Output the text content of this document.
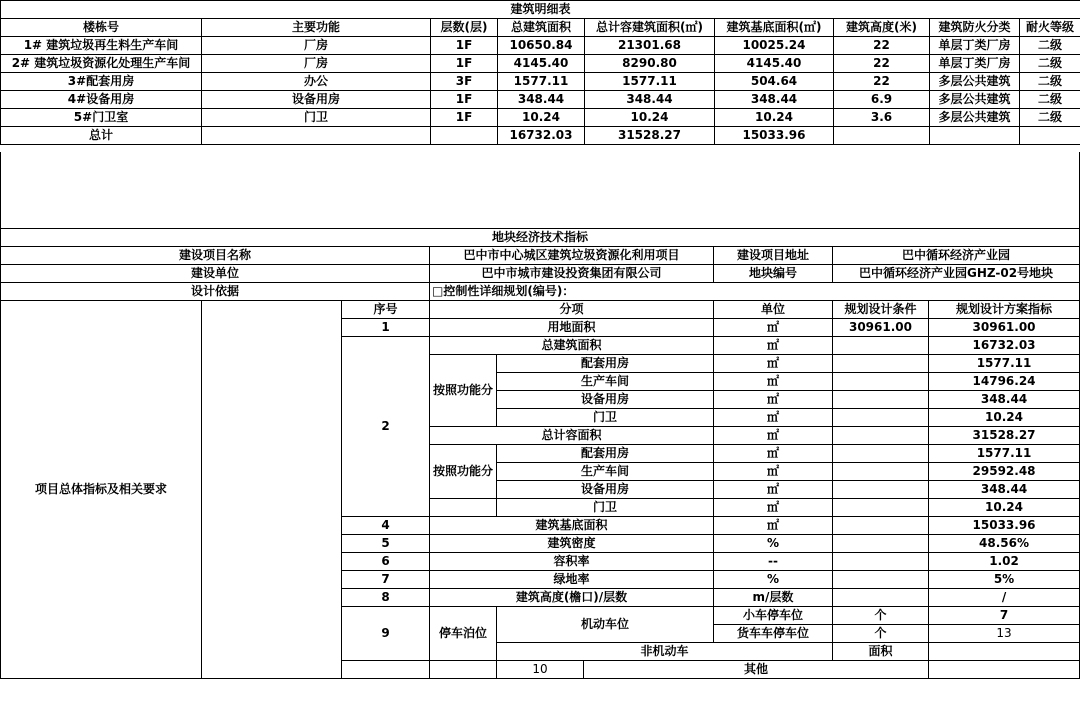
建筑明细表								
楼栋号	主要功能	层数(层)	总建筑面积	总计容建筑面积(㎡)	建筑基底面积(㎡)	建筑高度(米)	建筑防火分类	耐火等级
1# 建筑垃圾再生料生产车间	厂房	1F	10650.84	21301.68	10025.24	22	单层丁类厂房	二级
2# 建筑垃圾资源化处理生产车间	厂房	1F	4145.40	8290.80	4145.40	22	单层丁类厂房	二级
3#配套用房	办公	3F	1577.11	1577.11	504.64	22	多层公共建筑	二级
4#设备用房	设备用房	1F	348.44	348.44	348.44	6.9	多层公共建筑	二级
5#门卫室	门卫	1F	10.24	10.24	10.24	3.6	多层公共建筑	二级
总计			16732.03	31528.27	15033.96			
地块经济技术指标									
建设项目名称			巴中市中心城区建筑垃圾资源化利用项目			建设项目地址	巴中循环经济产业园		
建设单位			巴中市城市建设投资集团有限公司			地块编号	巴中循环经济产业园GHZ-02号地块		
设计依据			□控制性详细规划(编号)：						
项目总体指标及相关要求		序号	分项			单位	规划设计条件	规划设计方案指标	
		1	用地面积			㎡	30961.00	30961.00	
		2	总建筑面积			㎡		16732.03	
			按照功能分	配套用房		㎡		1577.11	
				生产车间		㎡		14796.24	
				设备用房		㎡		348.44	
				门卫		㎡		10.24	
			总计容面积			㎡		31528.27	
			按照功能分	配套用房		㎡		1577.11	
				生产车间		㎡		29592.48	
				设备用房		㎡		348.44	
				门卫		㎡		10.24	
		4	建筑基底面积			㎡		15033.96	
		5	建筑密度			%		48.56%	
		6	容积率			--		1.02	
		7	绿地率			%		5%	
		8	建筑高度(檐口)/层数			m/层数		/	
		9	停车泊位	机动车位		小车停车位	个	7	
						货车车停车位	个	13	
				非机动车			面积		
				10	其他				
